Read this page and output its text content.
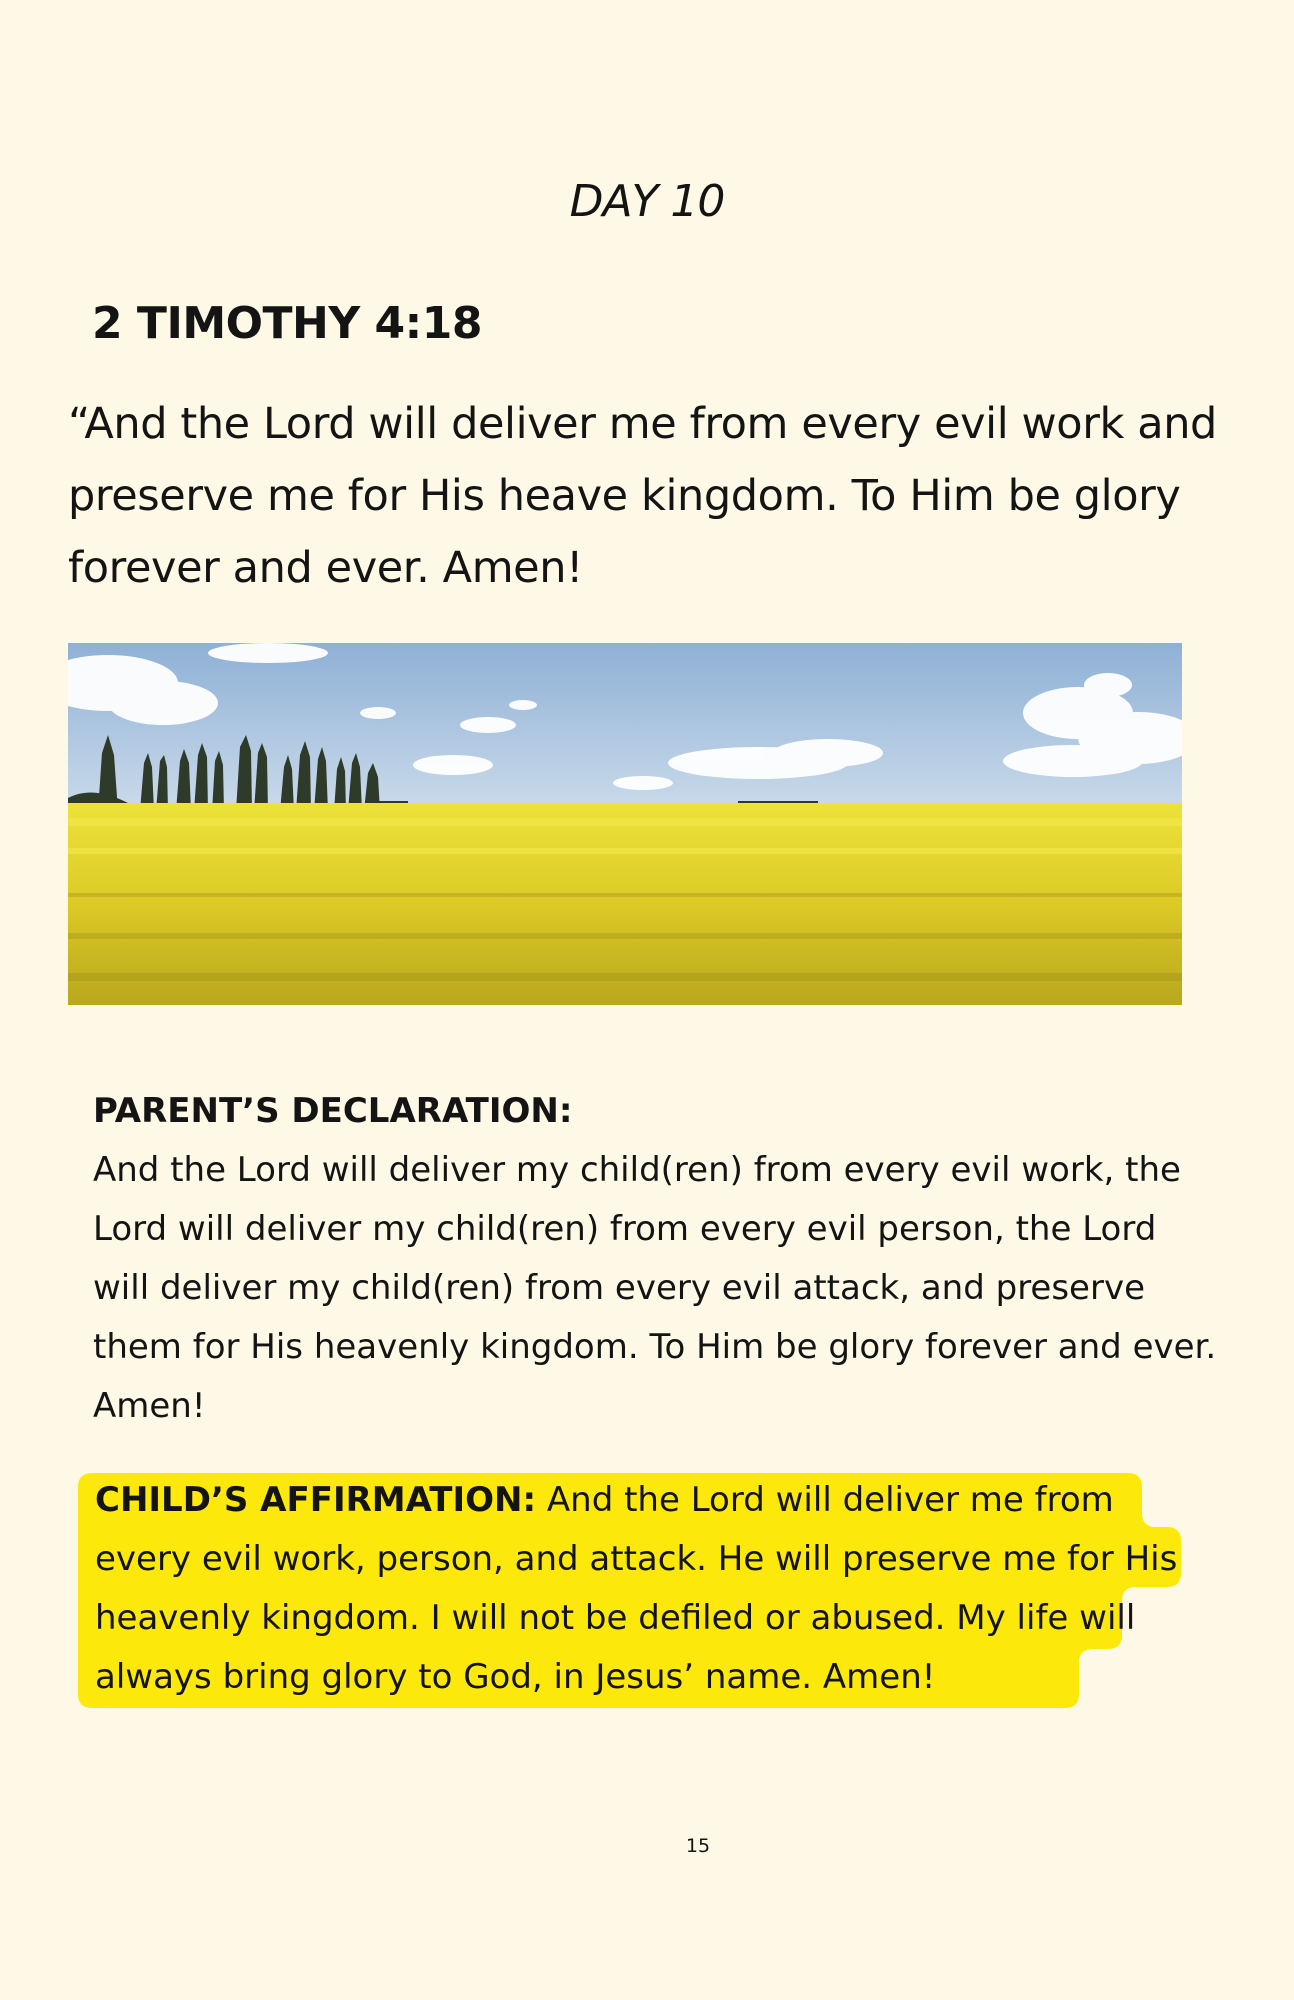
DAY 10
2 TIMOTHY 4:18
“And the Lord will deliver me from every evil work and preserve me for His heave kingdom. To Him be glory forever and ever. Amen!
PARENT’S DECLARATION:
And the Lord will deliver my child(ren) from every evil work, the Lord will deliver my child(ren) from every evil person, the Lord will deliver my child(ren) from every evil attack, and preserve them for His heavenly kingdom. To Him be glory forever and ever. Amen!
CHILD’S AFFIRMATION: And the Lord will deliver me from every evil work, person, and attack. He will preserve me for His heavenly kingdom. I will not be defiled or abused. My life will always bring glory to God, in Jesus’ name. Amen!
15
